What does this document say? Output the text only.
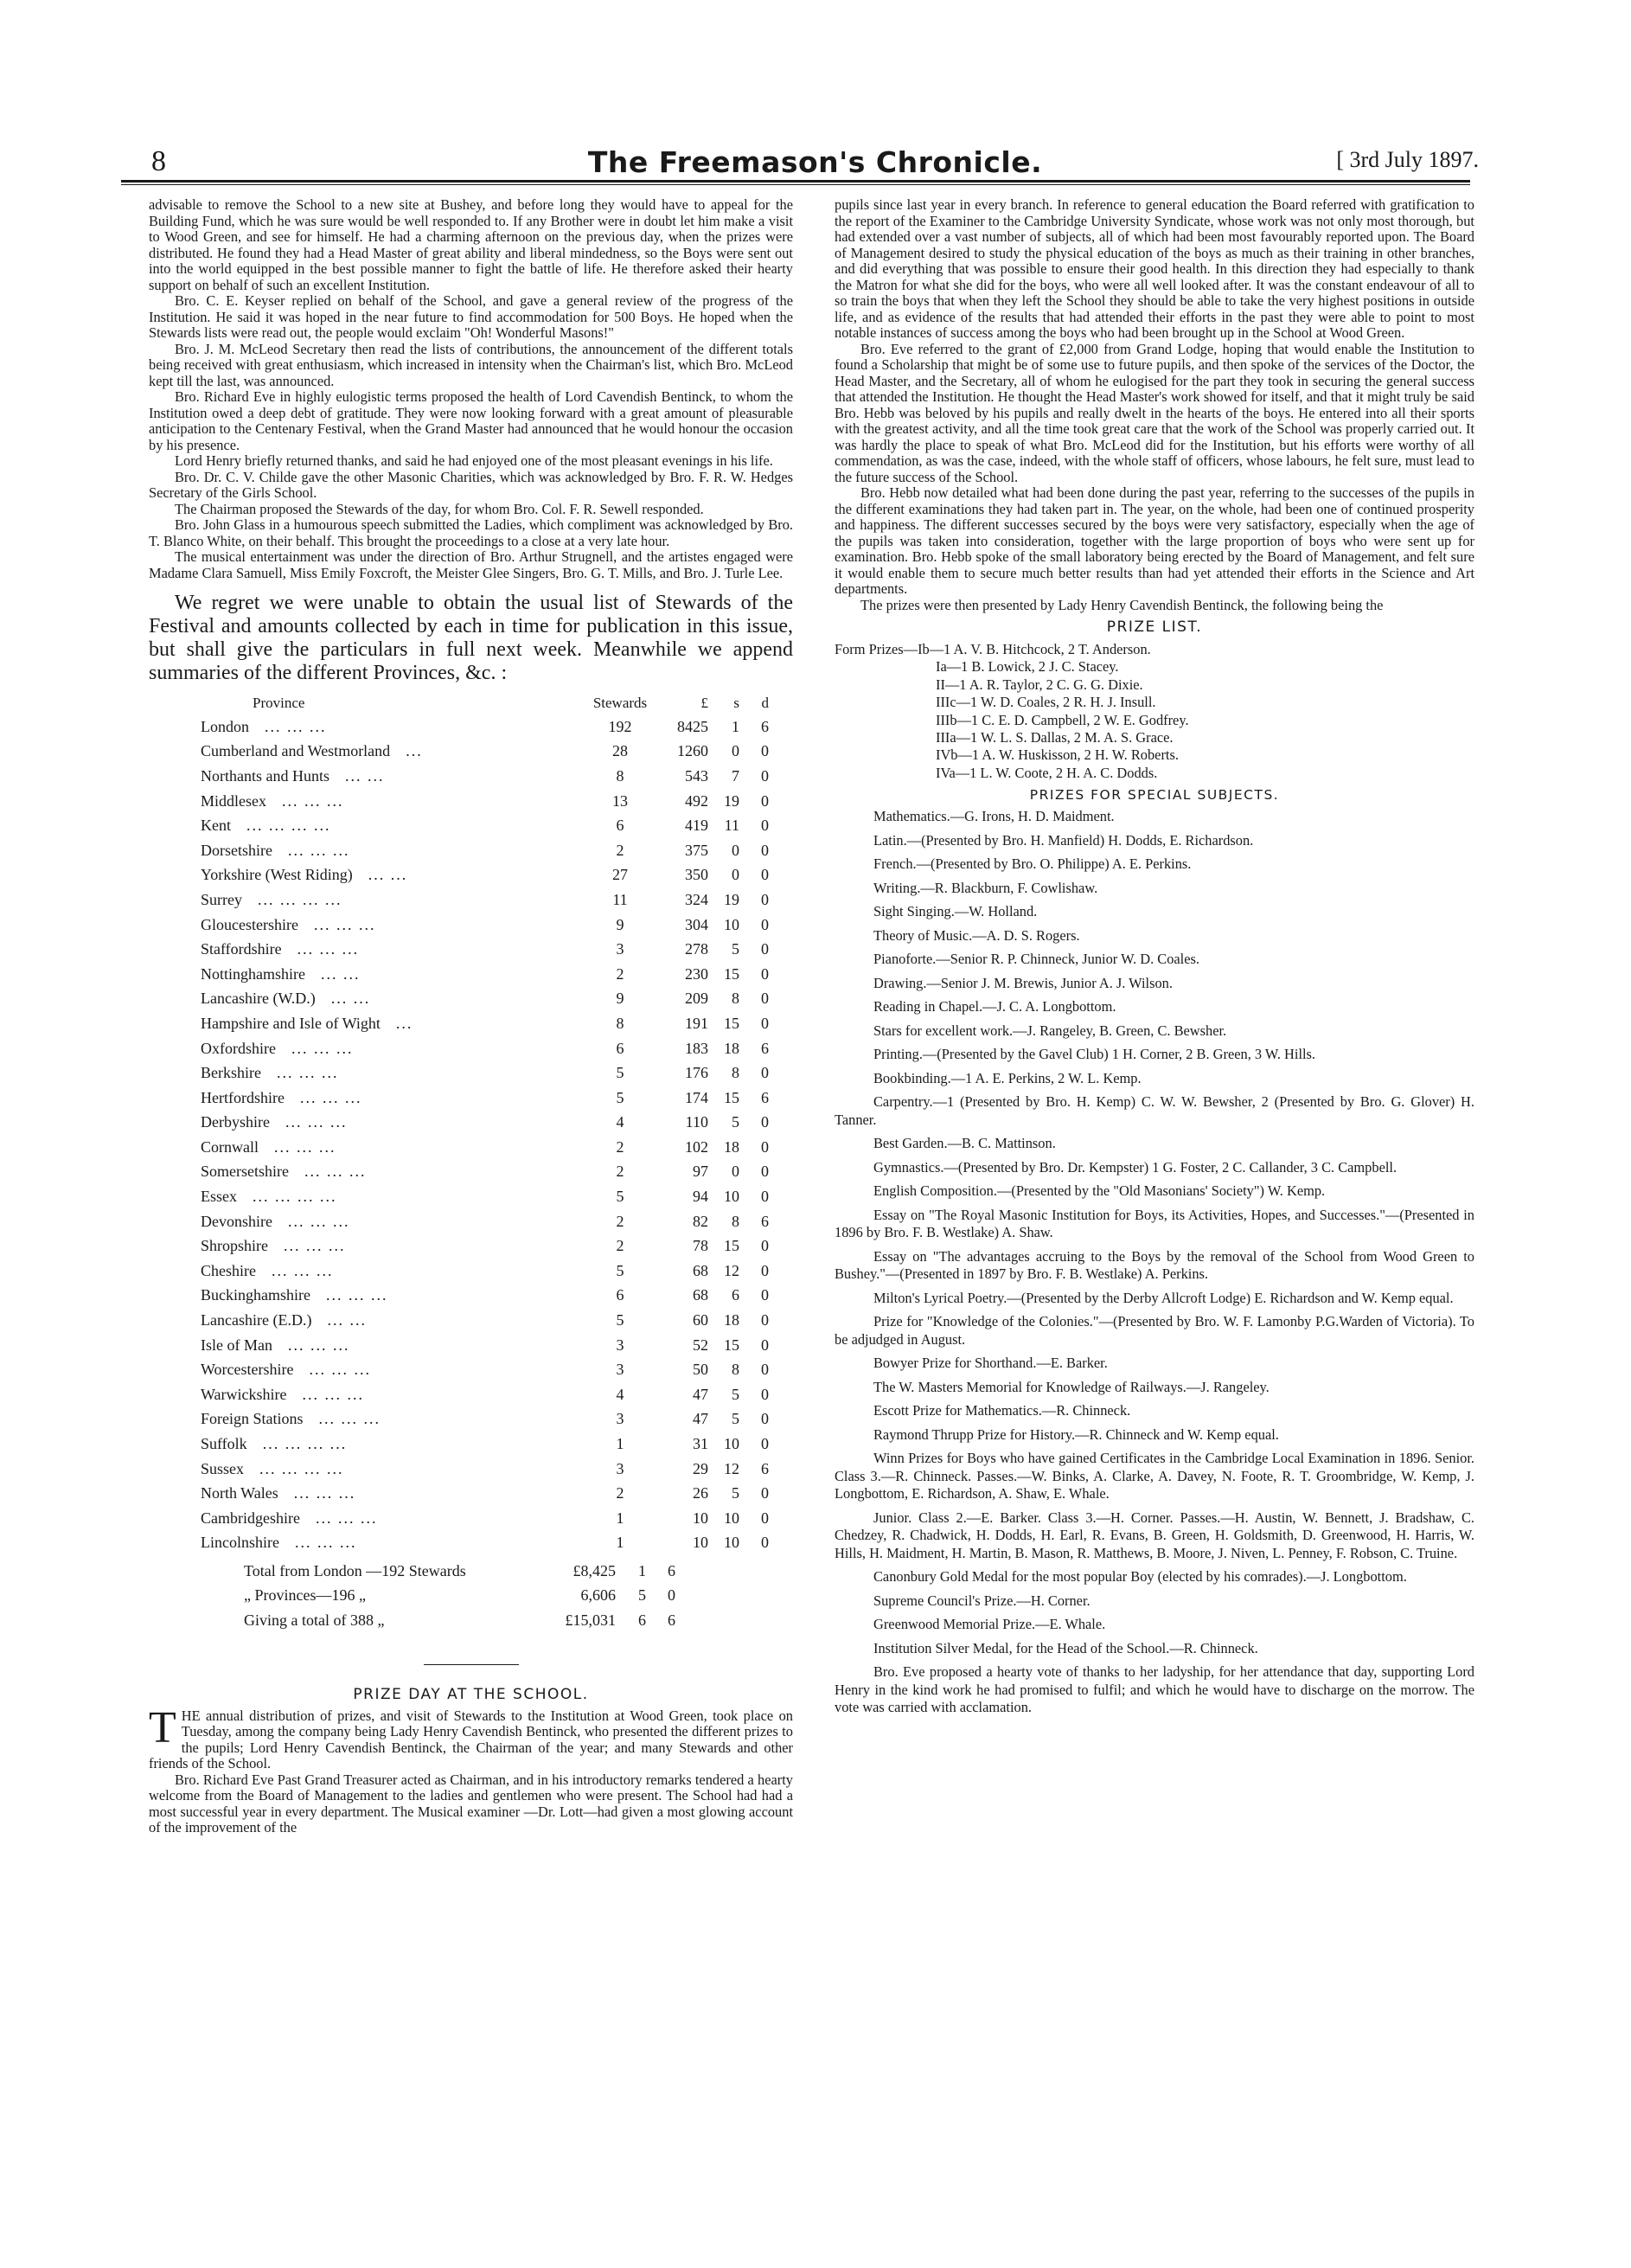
8	The Freemason's Chronicle.	[ 3rd July 1897.

advisable to remove the School to a new site at Bushey, and before long they would have to appeal for the Building Fund, which he was sure would be well responded to. If any Brother were in doubt let him make a visit to Wood Green, and see for himself. He had a charming afternoon on the previous day, when the prizes were distributed. He found they had a Head Master of great ability and liberal mindedness, so the Boys were sent out into the world equipped in the best possible manner to fight the battle of life. He therefore asked their hearty support on behalf of such an excellent Institution.

Bro. C. E. Keyser replied on behalf of the School, and gave a general review of the progress of the Institution. He said it was hoped in the near future to find accommodation for 500 Boys. He hoped when the Stewards lists were read out, the people would exclaim "Oh! Wonderful Masons!"

Bro. J. M. McLeod Secretary then read the lists of contributions, the announcement of the different totals being received with great enthusiasm, which increased in intensity when the Chairman's list, which Bro. McLeod kept till the last, was announced.

Bro. Richard Eve in highly eulogistic terms proposed the health of Lord Cavendish Bentinck, to whom the Institution owed a deep debt of gratitude. They were now looking forward with a great amount of pleasurable anticipation to the Centenary Festival, when the Grand Master had announced that he would honour the occasion by his presence.

Lord Henry briefly returned thanks, and said he had enjoyed one of the most pleasant evenings in his life.

Bro. Dr. C. V. Childe gave the other Masonic Charities, which was acknowledged by Bro. F. R. W. Hedges Secretary of the Girls School.

The Chairman proposed the Stewards of the day, for whom Bro. Col. F. R. Sewell responded.

Bro. John Glass in a humourous speech submitted the Ladies, which compliment was acknowledged by Bro. T. Blanco White, on their behalf. This brought the proceedings to a close at a very late hour.

The musical entertainment was under the direction of Bro. Arthur Strugnell, and the artistes engaged were Madame Clara Samuell, Miss Emily Foxcroft, the Meister Glee Singers, Bro. G. T. Mills, and Bro. J. Turle Lee.

We regret we were unable to obtain the usual list of Stewards of the Festival and amounts collected by each in time for publication in this issue, but shall give the particulars in full next week. Meanwhile we append summaries of the different Provinces, &c. :

Province	Stewards	£	s	d
London  ... ... ...	192	8425	1	6
Cumberland and Westmorland  ...	28	1260	0	0
Northants and Hunts  ... ...	8	543	7	0
Middlesex  ... ... ...	13	492	19	0
Kent  ... ... ... ...	6	419	11	0
Dorsetshire  ... ... ...	2	375	0	0
Yorkshire (West Riding)  ... ...	27	350	0	0
Surrey  ... ... ... ...	11	324	19	0
Gloucestershire  ... ... ...	9	304	10	0
Staffordshire  ... ... ...	3	278	5	0
Nottinghamshire  ... ...	2	230	15	0
Lancashire (W.D.)  ... ...	9	209	8	0
Hampshire and Isle of Wight  ...	8	191	15	0
Oxfordshire  ... ... ...	6	183	18	6
Berkshire  ... ... ...	5	176	8	0
Hertfordshire  ... ... ...	5	174	15	6
Derbyshire  ... ... ...	4	110	5	0
Cornwall  ... ... ...	2	102	18	0
Somersetshire  ... ... ...	2	97	0	0
Essex  ... ... ... ...	5	94	10	0
Devonshire  ... ... ...	2	82	8	6
Shropshire  ... ... ...	2	78	15	0
Cheshire  ... ... ...	5	68	12	0
Buckinghamshire  ... ... ...	6	68	6	0
Lancashire (E.D.)  ... ...	5	60	18	0
Isle of Man  ... ... ...	3	52	15	0
Worcestershire  ... ... ...	3	50	8	0
Warwickshire  ... ... ...	4	47	5	0
Foreign Stations  ... ... ...	3	47	5	0
Suffolk  ... ... ... ...	1	31	10	0
Sussex  ... ... ... ...	3	29	12	6
North Wales  ... ... ...	2	26	5	0
Cambridgeshire  ... ... ...	1	10	10	0
Lincolnshire  ... ... ...	1	10	10	0
Total from London —192 Stewards	£8,425	1	6
„ Provinces—196 „	6,606	5	0
Giving a total of 388 „	£15,031	6	6
PRIZE DAY AT THE SCHOOL.

THE annual distribution of prizes, and visit of Stewards to the Institution at Wood Green, took place on Tuesday, among the company being Lady Henry Cavendish Bentinck, who presented the different prizes to the pupils; Lord Henry Cavendish Bentinck, the Chairman of the year; and many Stewards and other friends of the School.

Bro. Richard Eve Past Grand Treasurer acted as Chairman, and in his introductory remarks tendered a hearty welcome from the Board of Management to the ladies and gentlemen who were present. The School had had a most successful year in every department. The Musical examiner —Dr. Lott—had given a most glowing account of the improvement of the

pupils since last year in every branch. In reference to general education the Board referred with gratification to the report of the Examiner to the Cambridge University Syndicate, whose work was not only most thorough, but had extended over a vast number of subjects, all of which had been most favourably reported upon. The Board of Management desired to study the physical education of the boys as much as their training in other branches, and did everything that was possible to ensure their good health. In this direction they had especially to thank the Matron for what she did for the boys, who were all well looked after. It was the constant endeavour of all to so train the boys that when they left the School they should be able to take the very highest positions in outside life, and as evidence of the results that had attended their efforts in the past they were able to point to most notable instances of success among the boys who had been brought up in the School at Wood Green.

Bro. Eve referred to the grant of £2,000 from Grand Lodge, hoping that would enable the Institution to found a Scholarship that might be of some use to future pupils, and then spoke of the services of the Doctor, the Head Master, and the Secretary, all of whom he eulogised for the part they took in securing the general success that attended the Institution. He thought the Head Master's work showed for itself, and that it might truly be said Bro. Hebb was beloved by his pupils and really dwelt in the hearts of the boys. He entered into all their sports with the greatest activity, and all the time took great care that the work of the School was properly carried out. It was hardly the place to speak of what Bro. McLeod did for the Institution, but his efforts were worthy of all commendation, as was the case, indeed, with the whole staff of officers, whose labours, he felt sure, must lead to the future success of the School.

Bro. Hebb now detailed what had been done during the past year, referring to the successes of the pupils in the different examinations they had taken part in. The year, on the whole, had been one of continued prosperity and happiness. The different successes secured by the boys were very satisfactory, especially when the age of the pupils was taken into consideration, together with the large proportion of boys who were sent up for examination. Bro. Hebb spoke of the small laboratory being erected by the Board of Management, and felt sure it would enable them to secure much better results than had yet attended their efforts in the Science and Art departments.

The prizes were then presented by Lady Henry Cavendish Bentinck, the following being the

PRIZE LIST.

Form Prizes—Ib—1 A. V. B. Hitchcock, 2 T. Anderson.

Ia—1 B. Lowick, 2 J. C. Stacey.

II—1 A. R. Taylor, 2 C. G. G. Dixie.

IIIc—1 W. D. Coales, 2 R. H. J. Insull.

IIIb—1 C. E. D. Campbell, 2 W. E. Godfrey.

IIIa—1 W. L. S. Dallas, 2 M. A. S. Grace.

IVb—1 A. W. Huskisson, 2 H. W. Roberts.

IVa—1 L. W. Coote, 2 H. A. C. Dodds.

PRIZES FOR SPECIAL SUBJECTS.

Mathematics.—G. Irons, H. D. Maidment.

Latin.—(Presented by Bro. H. Manfield) H. Dodds, E. Richardson.

French.—(Presented by Bro. O. Philippe) A. E. Perkins.

Writing.—R. Blackburn, F. Cowlishaw.

Sight Singing.—W. Holland.

Theory of Music.—A. D. S. Rogers.

Pianoforte.—Senior R. P. Chinneck, Junior W. D. Coales.

Drawing.—Senior J. M. Brewis, Junior A. J. Wilson.

Reading in Chapel.—J. C. A. Longbottom.

Stars for excellent work.—J. Rangeley, B. Green, C. Bewsher.

Printing.—(Presented by the Gavel Club) 1 H. Corner, 2 B. Green, 3 W. Hills.

Bookbinding.—1 A. E. Perkins, 2 W. L. Kemp.

Carpentry.—1 (Presented by Bro. H. Kemp) C. W. W. Bewsher, 2 (Presented by Bro. G. Glover) H. Tanner.

Best Garden.—B. C. Mattinson.

Gymnastics.—(Presented by Bro. Dr. Kempster) 1 G. Foster, 2 C. Callander, 3 C. Campbell.

English Composition.—(Presented by the "Old Masonians' Society") W. Kemp.

Essay on "The Royal Masonic Institution for Boys, its Activities, Hopes, and Successes."—(Presented in 1896 by Bro. F. B. Westlake) A. Shaw.

Essay on "The advantages accruing to the Boys by the removal of the School from Wood Green to Bushey."—(Presented in 1897 by Bro. F. B. Westlake) A. Perkins.

Milton's Lyrical Poetry.—(Presented by the Derby Allcroft Lodge) E. Richardson and W. Kemp equal.

Prize for "Knowledge of the Colonies."—(Presented by Bro. W. F. Lamonby P.G.Warden of Victoria). To be adjudged in August.

Bowyer Prize for Shorthand.—E. Barker.

The W. Masters Memorial for Knowledge of Railways.—J. Rangeley.

Escott Prize for Mathematics.—R. Chinneck.

Raymond Thrupp Prize for History.—R. Chinneck and W. Kemp equal.

Winn Prizes for Boys who have gained Certificates in the Cambridge Local Examination in 1896. Senior. Class 3.—R. Chinneck. Passes.—W. Binks, A. Clarke, A. Davey, N. Foote, R. T. Groombridge, W. Kemp, J. Longbottom, E. Richardson, A. Shaw, E. Whale.

Junior. Class 2.—E. Barker. Class 3.—H. Corner. Passes.—H. Austin, W. Bennett, J. Bradshaw, C. Chedzey, R. Chadwick, H. Dodds, H. Earl, R. Evans, B. Green, H. Goldsmith, D. Greenwood, H. Harris, W. Hills, H. Maidment, H. Martin, B. Mason, R. Matthews, B. Moore, J. Niven, L. Penney, F. Robson, C. Truine.

Canonbury Gold Medal for the most popular Boy (elected by his comrades).—J. Longbottom.

Supreme Council's Prize.—H. Corner.

Greenwood Memorial Prize.—E. Whale.

Institution Silver Medal, for the Head of the School.—R. Chinneck.

Bro. Eve proposed a hearty vote of thanks to her ladyship, for her attendance that day, supporting Lord Henry in the kind work he had promised to fulfil; and which he would have to discharge on the morrow. The vote was carried with acclamation.
